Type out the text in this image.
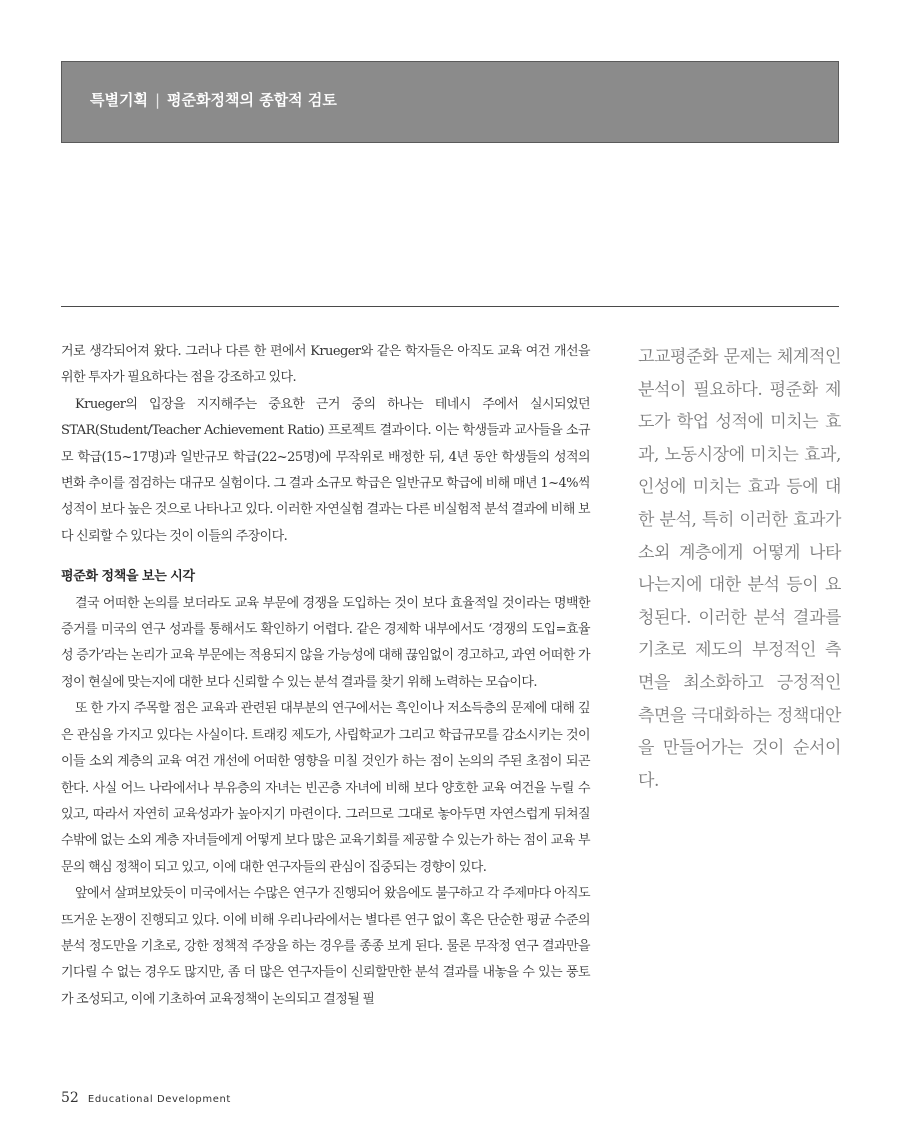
특별기획 | 평준화정책의 종합적 검토

거로 생각되어져 왔다. 그러나 다른 한 편에서 Krueger와 같은 학자들은 아직도 교육 여건 개선을 위한 투자가 필요하다는 점을 강조하고 있다.

Krueger의 입장을 지지해주는 중요한 근거 중의 하나는 테네시 주에서 실시되었던 STAR(Student/Teacher Achievement Ratio) 프로젝트 결과이다. 이는 학생들과 교사들을 소규모 학급(15~17명)과 일반규모 학급(22~25명)에 무작위로 배정한 뒤, 4년 동안 학생들의 성적의 변화 추이를 점검하는 대규모 실험이다. 그 결과 소규모 학급은 일반규모 학급에 비해 매년 1~4%씩 성적이 보다 높은 것으로 나타나고 있다. 이러한 자연실험 결과는 다른 비실험적 분석 결과에 비해 보다 신뢰할 수 있다는 것이 이들의 주장이다.

평준화 정책을 보는 시각

결국 어떠한 논의를 보더라도 교육 부문에 경쟁을 도입하는 것이 보다 효율적일 것이라는 명백한 증거를 미국의 연구 성과를 통해서도 확인하기 어렵다. 같은 경제학 내부에서도 ‘경쟁의 도입=효율성 증가’라는 논리가 교육 부문에는 적용되지 않을 가능성에 대해 끊임없이 경고하고, 과연 어떠한 가정이 현실에 맞는지에 대한 보다 신뢰할 수 있는 분석 결과를 찾기 위해 노력하는 모습이다.

또 한 가지 주목할 점은 교육과 관련된 대부분의 연구에서는 흑인이나 저소득층의 문제에 대해 깊은 관심을 가지고 있다는 사실이다. 트래킹 제도가, 사립학교가 그리고 학급규모를 감소시키는 것이 이들 소외 계층의 교육 여건 개선에 어떠한 영향을 미칠 것인가 하는 점이 논의의 주된 초점이 되곤 한다. 사실 어느 나라에서나 부유층의 자녀는 빈곤층 자녀에 비해 보다 양호한 교육 여건을 누릴 수 있고, 따라서 자연히 교육성과가 높아지기 마련이다. 그러므로 그대로 놓아두면 자연스럽게 뒤쳐질 수밖에 없는 소외 계층 자녀들에게 어떻게 보다 많은 교육기회를 제공할 수 있는가 하는 점이 교육 부문의 핵심 정책이 되고 있고, 이에 대한 연구자들의 관심이 집중되는 경향이 있다.

앞에서 살펴보았듯이 미국에서는 수많은 연구가 진행되어 왔음에도 불구하고 각 주제마다 아직도 뜨거운 논쟁이 진행되고 있다. 이에 비해 우리나라에서는 별다른 연구 없이 혹은 단순한 평균 수준의 분석 정도만을 기초로, 강한 정책적 주장을 하는 경우를 종종 보게 된다. 물론 무작정 연구 결과만을 기다릴 수 없는 경우도 많지만, 좀 더 많은 연구자들이 신뢰할만한 분석 결과를 내놓을 수 있는 풍토가 조성되고, 이에 기초하여 교육정책이 논의되고 결정될 필

고교평준화 문제는 체계적인 분석이 필요하다. 평준화 제도가 학업 성적에 미치는 효과, 노동시장에 미치는 효과, 인성에 미치는 효과 등에 대한 분석, 특히 이러한 효과가 소외 계층에게 어떻게 나타나는지에 대한 분석 등이 요청된다. 이러한 분석 결과를 기초로 제도의 부정적인 측면을 최소화하고 긍정적인 측면을 극대화하는 정책대안을 만들어가는 것이 순서이다.
52 Educational Development
